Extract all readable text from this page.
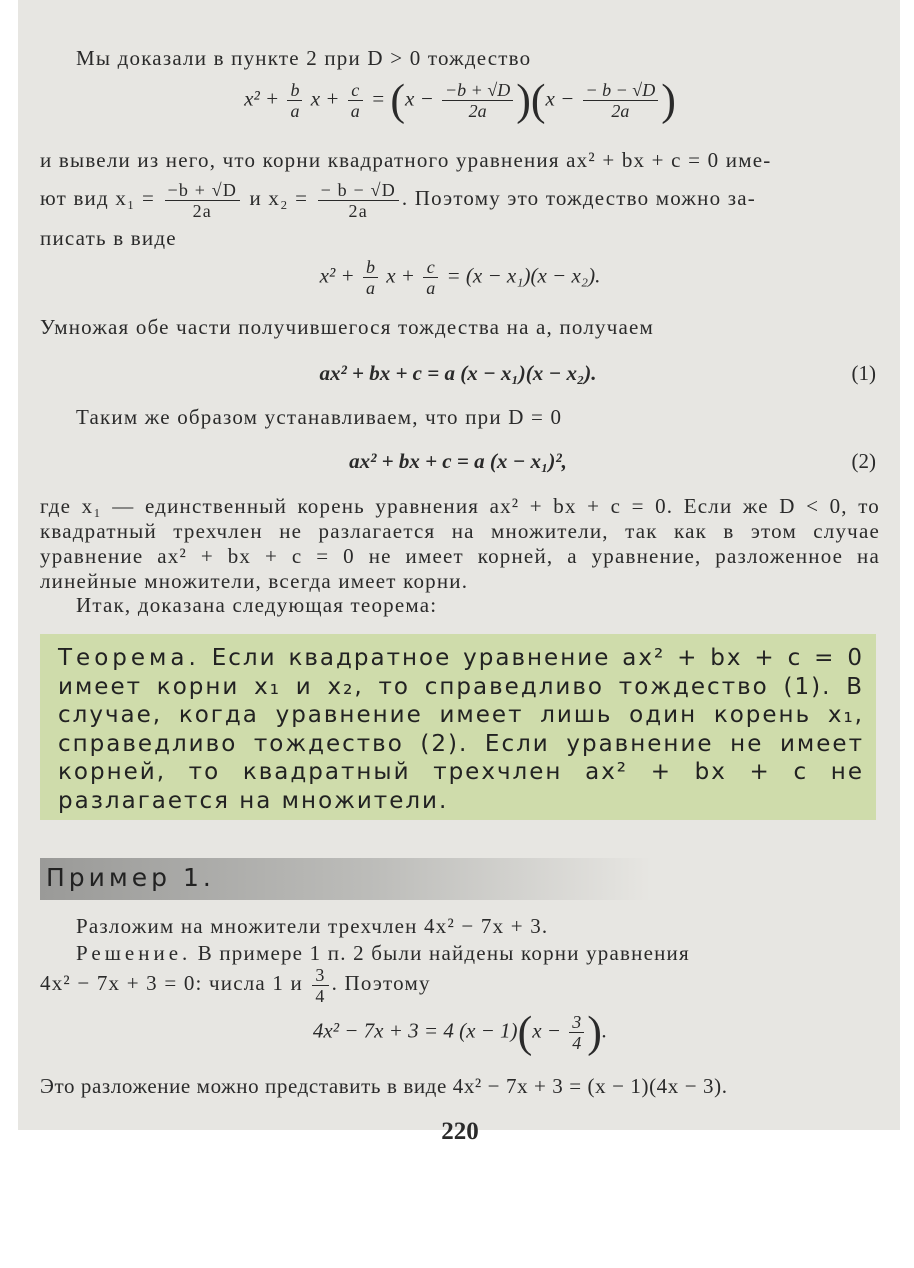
Мы доказали в пункте 2 при D > 0 тождество
$x^2 + \frac{b}{a}$ $x + \frac{c}{a} = (x - \frac{-b + √D}{2a} )(x - \frac{- b - √D}{2a}$ )
и вывели из него, что корни квадратного уравнения ax² + bx + c = 0 име-
ют вид $x_1 = \frac{-b + √D}{2a}$ и $x_2 = \frac{- b - √D}{2a}$ . Поэтому это тождество можно за-
писать в виде
$x^2 + \frac{b}{a}$ $x + \frac{c}{a} = (x - x_1)(x - x_2)$.
Умножая обе части получившегося тождества на a, получаем
ax² + bx + c = a (x − x₁)(x − x₂).	(1)
Таким же образом устанавливаем, что при D = 0
ax² + bx + c = a (x − x₁)²,	(2)
где x₁ — единственный корень уравнения ax² + bx + c = 0. Если же D < 0, то квадратный трехчлен не разлагается на множители, так как в этом случае уравнение ax² + bx + c = 0 не имеет корней, а уравнение, разложенное на линейные множители, всегда имеет корни.
Итак, доказана следующая теорема:
Теорема. Если квадратное уравнение ax² + bx + c = 0 имеет корни x₁ и x₂, то справедливо тождество (1). В случае, когда уравнение имеет лишь один корень x₁, справедливо тождество (2). Если уравнение не имеет корней, то квадратный трехчлен ax² + bx + c не разлагается на множители.
Пример 1.
Разложим на множители трехчлен 4x² − 7x + 3.
Решение. В примере 1 п. 2 были найдены корни уравнения
4x² − 7x + 3 = 0: числа 1 и $\frac{3}{4}$ . Поэтому
4x² − 7x + 3 = 4 $(x - 1)(x - \frac{3}{4}$ ).
Это разложение можно представить в виде 4x² − 7x + 3 = (x − 1)(4x − 3).
220
